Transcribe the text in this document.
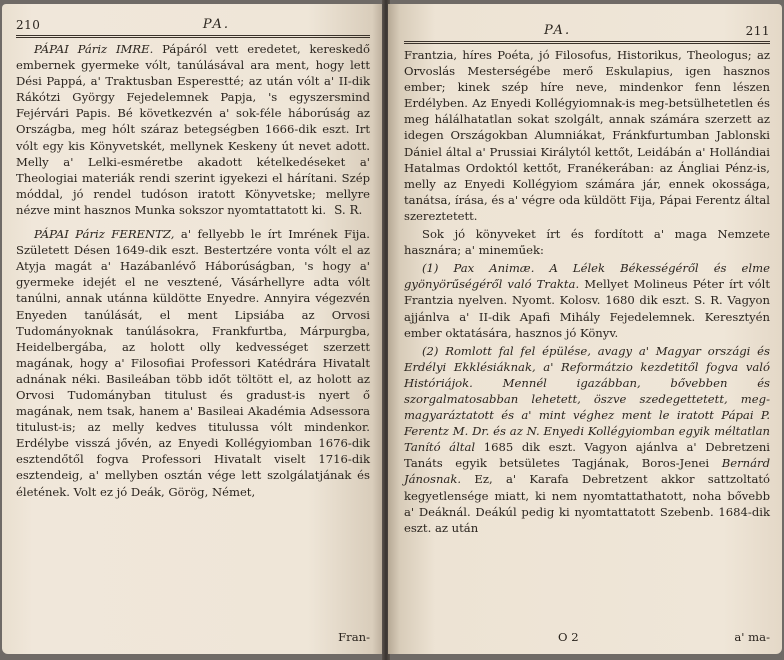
210	PA.

PÁPAI Páriz IMRE. Pápáról vett eredetet, kereskedő embernek gyermeke vólt, tanúlásával ara ment, hogy lett Dési Pappá, a' Traktusban Esperestté; az után vólt a' II-dik Rákótzi György Fejedelemnek Papja, 's egyszersmind Fejérvári Papis. Bé következvén a' sok-féle háborúság az Országba, meg hólt száraz betegségben 1666-dik eszt. Irt vólt egy kis Könyvetskét, mellynek Keskeny út nevet adott. Melly a' Lelki-esméretbe akadott kételkedéseket a' Theologiai materiák rendi szerint igyekezi el hárítani. Szép móddal, jó rendel tudóson iratott Könyvetske; mellyre nézve mint hasznos Munka sokszor nyomtattatott ki. S. R.

PÁPAI Páriz FERENTZ, a' fellyebb le írt Imrének Fija. Született Désen 1649-dik eszt. Bestertzére vonta vólt el az Atyja magát a' Hazábanlévő Háborúságban, 's hogy a' gyermeke idejét el ne vesztené, Vásárhellyre adta vólt tanúlni, annak utánna küldötte Enyedre. Annyira végezvén Enyeden tanúlását, el ment Lipsiába az Orvosi Tudományoknak tanúlásokra, Frankfurtba, Márpurgba, Heidelbergába, az holott olly kedvességet szerzett magának, hogy a' Filosofiai Professori Katédrára Hivatalt adnának néki. Basileában több időt töltött el, az holott az Orvosi Tudományban titulust és gradust-is nyert ő magának, nem tsak, hanem a' Basileai Akadémia Adsessora titulust-is; az melly kedves titulussa vólt mindenkor. Erdélybe visszá jővén, az Enyedi Kollégyiomban 1676-dik esztendőtől fogva Professori Hivatalt viselt 1716-dik esztendeig, a' mellyben osztán vége lett szolgálatjának és életének. Volt ez jó Deák, Görög, Német,

Fran-
PA.	211

Frantzia, híres Poéta, jó Filosofus, Historikus, Theologus; az Orvoslás Mesterségébe merő Eskulapius, igen hasznos ember; kinek szép híre neve, mindenkor fenn lészen Erdélyben. Az Enyedi Kollégyiomnak-is meg-betsülhetetlen és meg hálálhatatlan sokat szolgált, annak számára szerzett az idegen Országokban Alumniákat, Fránkfurtumban Jablonski Dániel által a' Prussiai Királytól kettőt, Leidábán a' Hollándiai Hatalmas Ordoktól kettőt, Franékerában: az Ángliai Pénz-is, melly az Enyedi Kollégyiom számára jár, ennek okossága, tanátsa, írása, és a' végre oda küldött Fija, Pápai Ferentz által szereztetett.

Sok jó könyveket írt és fordított a' maga Nemzete hasznára; a' mineműek:

(1) Pax Animæ. A Lélek Békességéről és elme gyönyörűségéről való Trakta. Mellyet Molineus Péter írt vólt Frantzia nyelven. Nyomt. Kolosv. 1680 dik eszt. S. R. Vagyon ajjánlva a' II-dik Apafi Mihály Fejedelemnek. Keresztyén ember oktatására, hasznos jó Könyv.

(2) Romlott fal fel épülése, avagy a' Magyar országi és Erdélyi Ekklésiáknak, a' Reformátzio kezdetitől fogva való Históriájok.	Mennél igazábban, bővebben és szorgalmatosabban lehetett, öszve szedegettetett, meg-magyaráztatott és a' mint véghez ment le iratott Pápai P. Ferentz M. Dr. és az N. Enyedi Kollégyiomban egyik méltatlan Tanító által 1685 dik eszt. Vagyon ajánlva a' Debretzeni Tanáts egyik betsületes Tagjának, Boros-Jenei Bernárd Jánosnak. Ez, a' Karafa Debretzent akkor sattzoltató kegyetlensége miatt, ki nem nyomtattathatott, noha bővebb a' Deáknál. Deákúl pedig ki nyomtattatott Szebenb. 1684-dik eszt. az után

O 2	a' ma-
